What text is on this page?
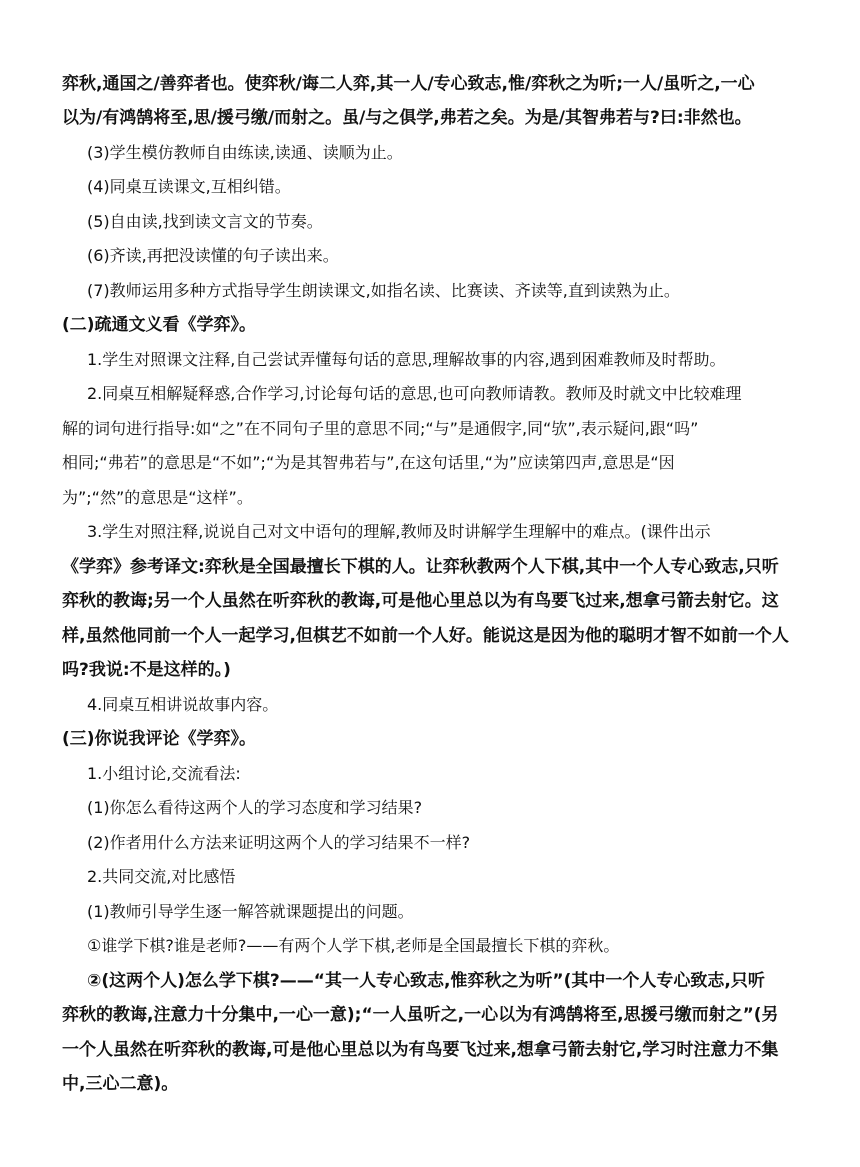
弈秋,通国之/善弈者也。使弈秋/诲二人弈,其一人/专心致志,惟/弈秋之为听;一人/虽听之,一心
以为/有鸿鹄将至,思/援弓缴/而射之。虽/与之俱学,弗若之矣。为是/其智弗若与?曰:非然也。
(3)学生模仿教师自由练读,读通、读顺为止。
(4)同桌互读课文,互相纠错。
(5)自由读,找到读文言文的节奏。
(6)齐读,再把没读懂的句子读出来。
(7)教师运用多种方式指导学生朗读课文,如指名读、比赛读、齐读等,直到读熟为止。
(二)疏通文义看《学弈》。
1.学生对照课文注释,自己尝试弄懂每句话的意思,理解故事的内容,遇到困难教师及时帮助。
2.同桌互相解疑释惑,合作学习,讨论每句话的意思,也可向教师请教。教师及时就文中比较难理
解的词句进行指导:如“之”在不同句子里的意思不同;“与”是通假字,同“欤”,表示疑问,跟“吗”
相同;“弗若”的意思是“不如”;“为是其智弗若与”,在这句话里,“为”应读第四声,意思是“因
为”;“然”的意思是“这样”。
3.学生对照注释,说说自己对文中语句的理解,教师及时讲解学生理解中的难点。(课件出示
《学弈》参考译文:弈秋是全国最擅长下棋的人。让弈秋教两个人下棋,其中一个人专心致志,只听
弈秋的教诲;另一个人虽然在听弈秋的教诲,可是他心里总以为有鸟要飞过来,想拿弓箭去射它。这
样,虽然他同前一个人一起学习,但棋艺不如前一个人好。能说这是因为他的聪明才智不如前一个人
吗?我说:不是这样的。)
4.同桌互相讲说故事内容。
(三)你说我评论《学弈》。
1.小组讨论,交流看法:
(1)你怎么看待这两个人的学习态度和学习结果?
(2)作者用什么方法来证明这两个人的学习结果不一样?
2.共同交流,对比感悟
(1)教师引导学生逐一解答就课题提出的问题。
①谁学下棋?谁是老师?——有两个人学下棋,老师是全国最擅长下棋的弈秋。
②(这两个人)怎么学下棋?——“其一人专心致志,惟弈秋之为听”(其中一个人专心致志,只听
弈秋的教诲,注意力十分集中,一心一意);“一人虽听之,一心以为有鸿鹄将至,思援弓缴而射之”(另
一个人虽然在听弈秋的教诲,可是他心里总以为有鸟要飞过来,想拿弓箭去射它,学习时注意力不集
中,三心二意)。
